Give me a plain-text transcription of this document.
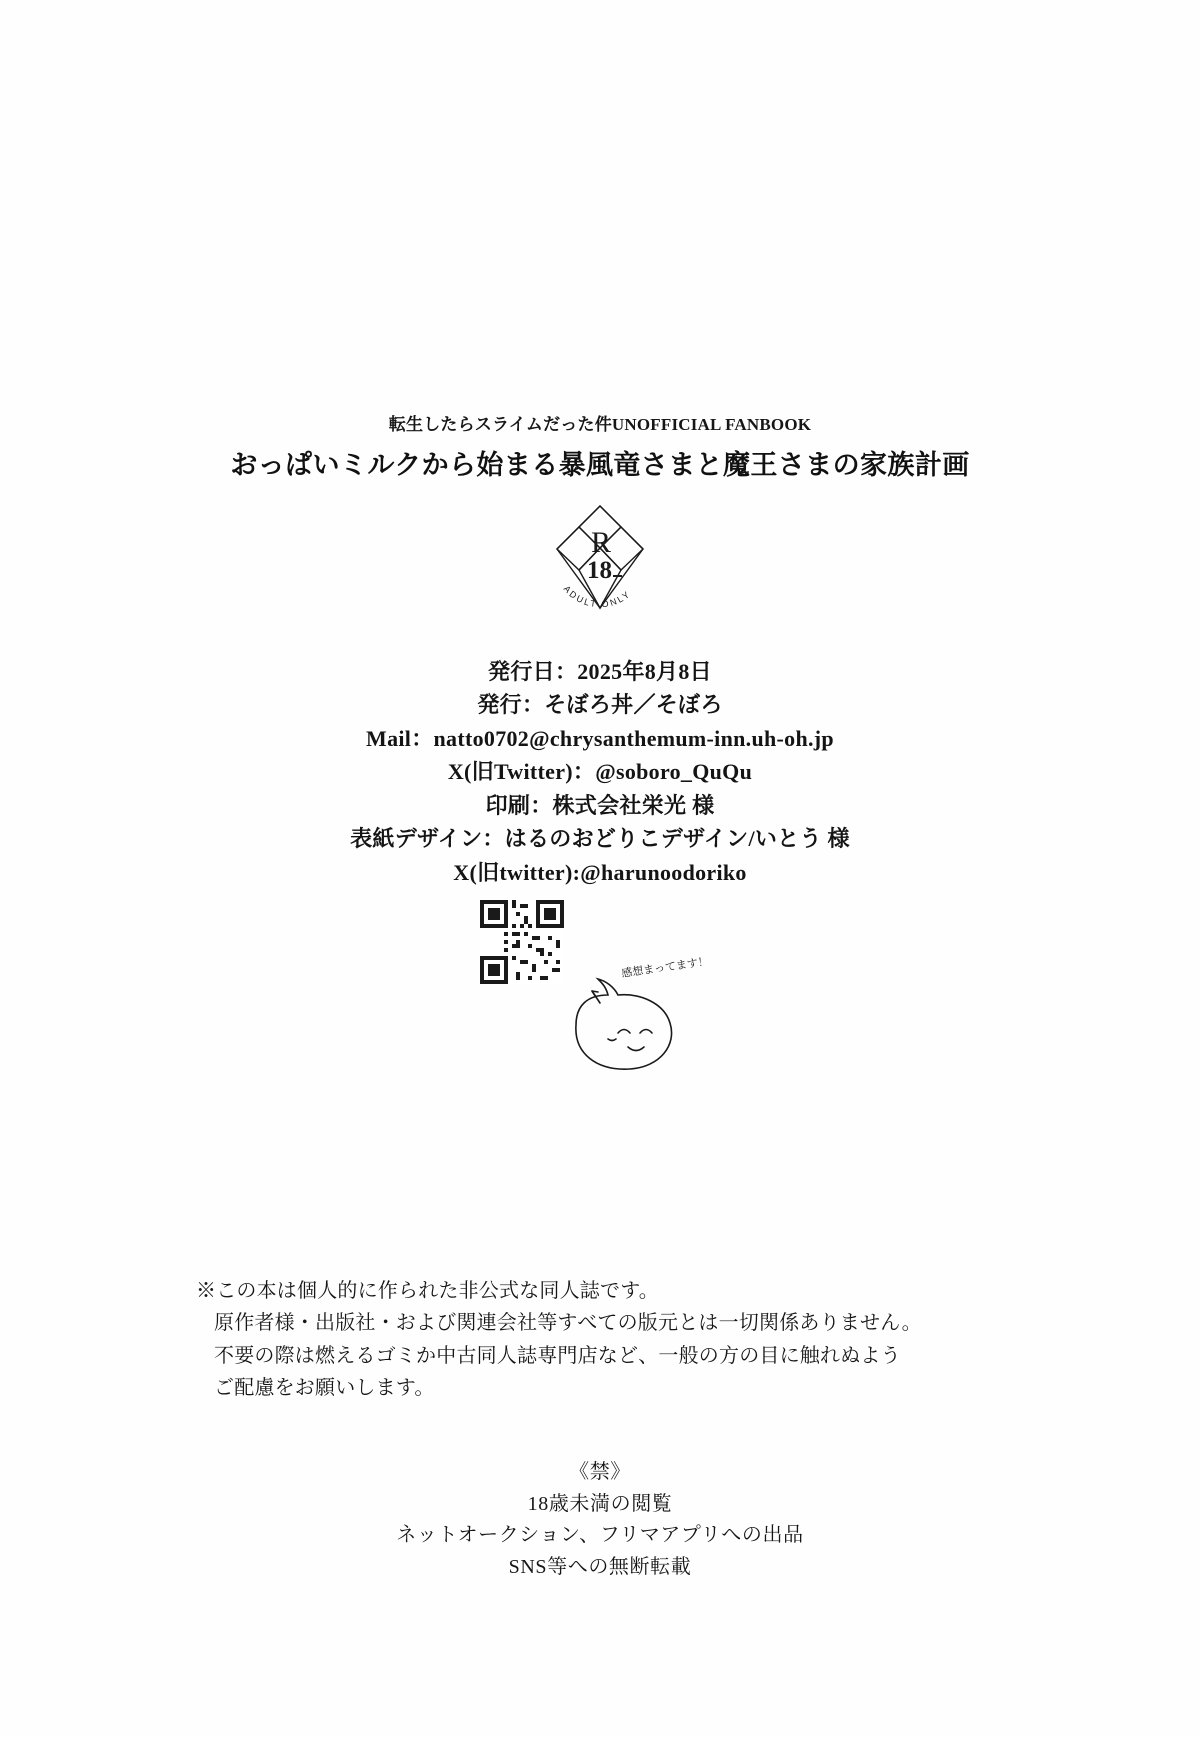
転生したらスライムだった件UNOFFICIAL FANBOOK
おっぱいミルクから始まる暴風竜さまと魔王さまの家族計画
R
18
ADULT ONLY
発行日：2025年8月8日
発行：そぼろ丼／そぼろ
Mail：natto0702@chrysanthemum-inn.uh-oh.jp
X(旧Twitter)：@soboro_QuQu
印刷：株式会社栄光 様
表紙デザイン：はるのおどりこデザイン/いとう 様
X(旧twitter):@harunoodoriko
感想まってます！
※この本は個人的に作られた非公式な同人誌です。
原作者様・出版社・および関連会社等すべての版元とは一切関係ありません。
不要の際は燃えるゴミか中古同人誌専門店など、一般の方の目に触れぬよう
ご配慮をお願いします。
《禁》
18歳未満の閲覧
ネットオークション、フリマアプリへの出品
SNS等への無断転載
